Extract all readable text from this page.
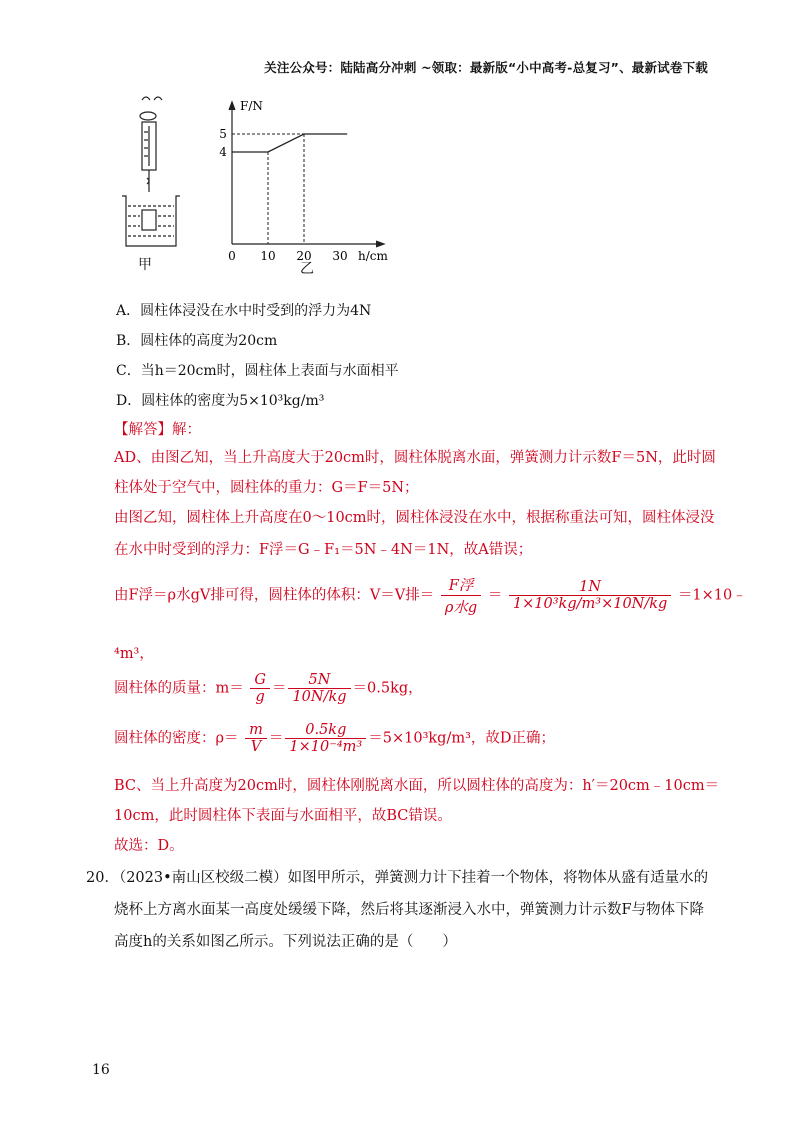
关注公众号：陆陆高分冲刺 ~领取：最新版“小中高考-总复习”、最新试卷下载
甲
5
4
0 10 20 30
F/N
h/cm
乙
A．圆柱体浸没在水中时受到的浮力为4N
B．圆柱体的高度为20cm
C．当h＝20cm时，圆柱体上表面与水面相平
D．圆柱体的密度为5×10³kg/m³
【解答】解：
AD、由图乙知，当上升高度大于20cm时，圆柱体脱离水面，弹簧测力计示数F＝5N，此时圆
柱体处于空气中，圆柱体的重力：G＝F＝5N；
由图乙知，圆柱体上升高度在0～10cm时，圆柱体浸没在水中，根据称重法可知，圆柱体浸没
在水中时受到的浮力：F浮＝G﹣F₁＝5N﹣4N＝1N，故A错误；
由F浮＝ρ水gV排可得，圆柱体的体积：V＝V排＝ $\frac{\text{F浮}}{\text{ρ水g}} = \frac{1N}{\text{1×10³kg/m³×10N/kg}}$ ＝1×10﹣
⁴m³，
圆柱体的质量：$m= \frac{G}{g} = \frac{5N}{10N/kg} =0.5kg$，
圆柱体的密度：$\rho= \frac{m}{V} = \frac{0.5kg}{\text{1×10⁻⁴m³}} =5\times 10^3kg/m^3$，故D正确；
BC、当上升高度为20cm时，圆柱体刚脱离水面，所以圆柱体的高度为：h′＝20cm﹣10cm＝
10cm，此时圆柱体下表面与水面相平，故BC错误。
故选：D。
20．（2023•南山区校级二模）如图甲所示，弹簧测力计下挂着一个物体，将物体从盛有适量水的
烧杯上方离水面某一高度处缓缓下降，然后将其逐渐浸入水中，弹簧测力计示数F与物体下降
高度h的关系如图乙所示。下列说法正确的是（　　）
16
